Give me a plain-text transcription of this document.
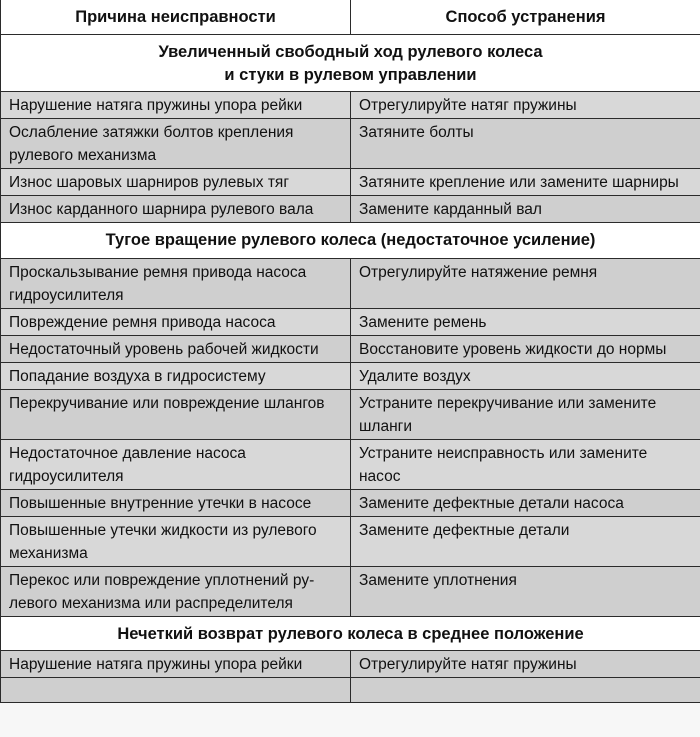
Причина неисправности	Способ устранения

Увеличенный свободный ход рулевого колеса
и стуки в рулевом управлении	

Нарушение натяга пружины упора рейки	Отрегулируйте натяг пружины
Ослабление затяжки болтов крепления рулевого механизма	Затяните болты
Износ шаровых шарниров рулевых тяг	Затяните крепление или замените шарниры
Износ карданного шарнира рулевого вала	Замените карданный вал

Тугое вращение рулевого колеса (недостаточное усиление)	

Проскальзывание ремня привода насоса гидроусилителя	Отрегулируйте натяжение ремня
Повреждение ремня привода насоса	Замените ремень
Недостаточный уровень рабочей жидкости	Восстановите уровень жидкости до нормы
Попадание воздуха в гидросистему	Удалите воздух
Перекручивание или повреждение шлангов	Устраните перекручивание или замените шланги
Недостаточное давление насоса гидроусилителя	Устраните неисправность или замените насос
Повышенные внутренние утечки в насосе	Замените дефектные детали насоса
Повышенные утечки жидкости из рулевого механизма	Замените дефектные детали
Перекос или повреждение уплотнений ру-левого механизма или распределителя	Замените уплотнения

Нечеткий возврат рулевого колеса в среднее положение	

Нарушение натяга пружины упора рейки	Отрегулируйте натяг пружины
